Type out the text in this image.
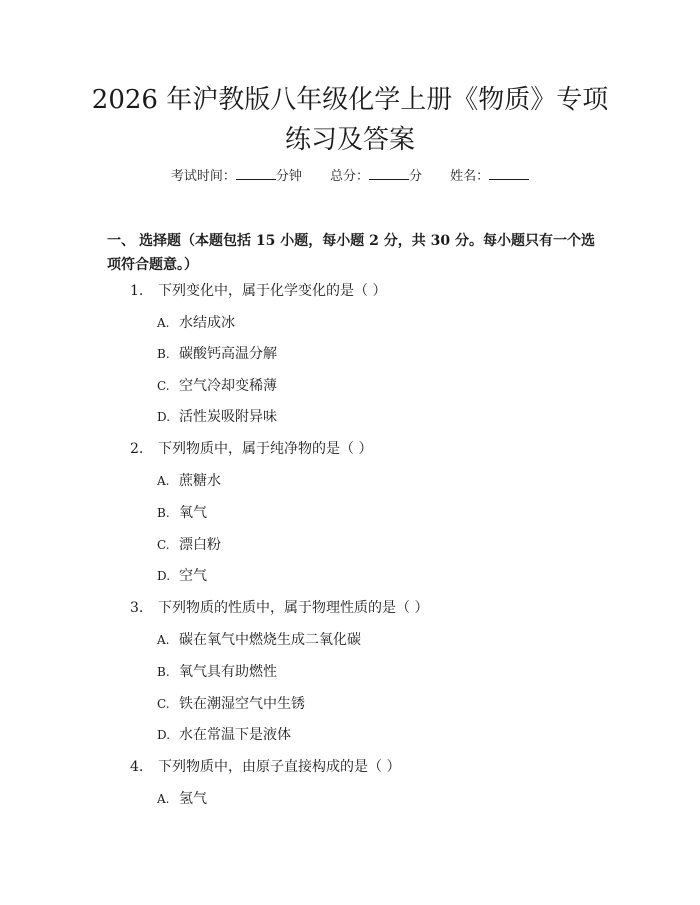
2026 年沪教版八年级化学上册《物质》专项
练习及答案
考试时间：	分钟 总分：	分 姓名：
一、 选择题（本题包括 15 小题，每小题 2 分，共 30 分。每小题只有一个选项符合题意。）
1. 下列变化中，属于化学变化的是（ ）
A. 水结成冰
B. 碳酸钙高温分解
C. 空气冷却变稀薄
D. 活性炭吸附异味
2. 下列物质中，属于纯净物的是（ ）
A. 蔗糖水
B. 氧气
C. 漂白粉
D. 空气
3. 下列物质的性质中，属于物理性质的是（ ）
A. 碳在氧气中燃烧生成二氧化碳
B. 氧气具有助燃性
C. 铁在潮湿空气中生锈
D. 水在常温下是液体
4. 下列物质中，由原子直接构成的是（ ）
A. 氢气
